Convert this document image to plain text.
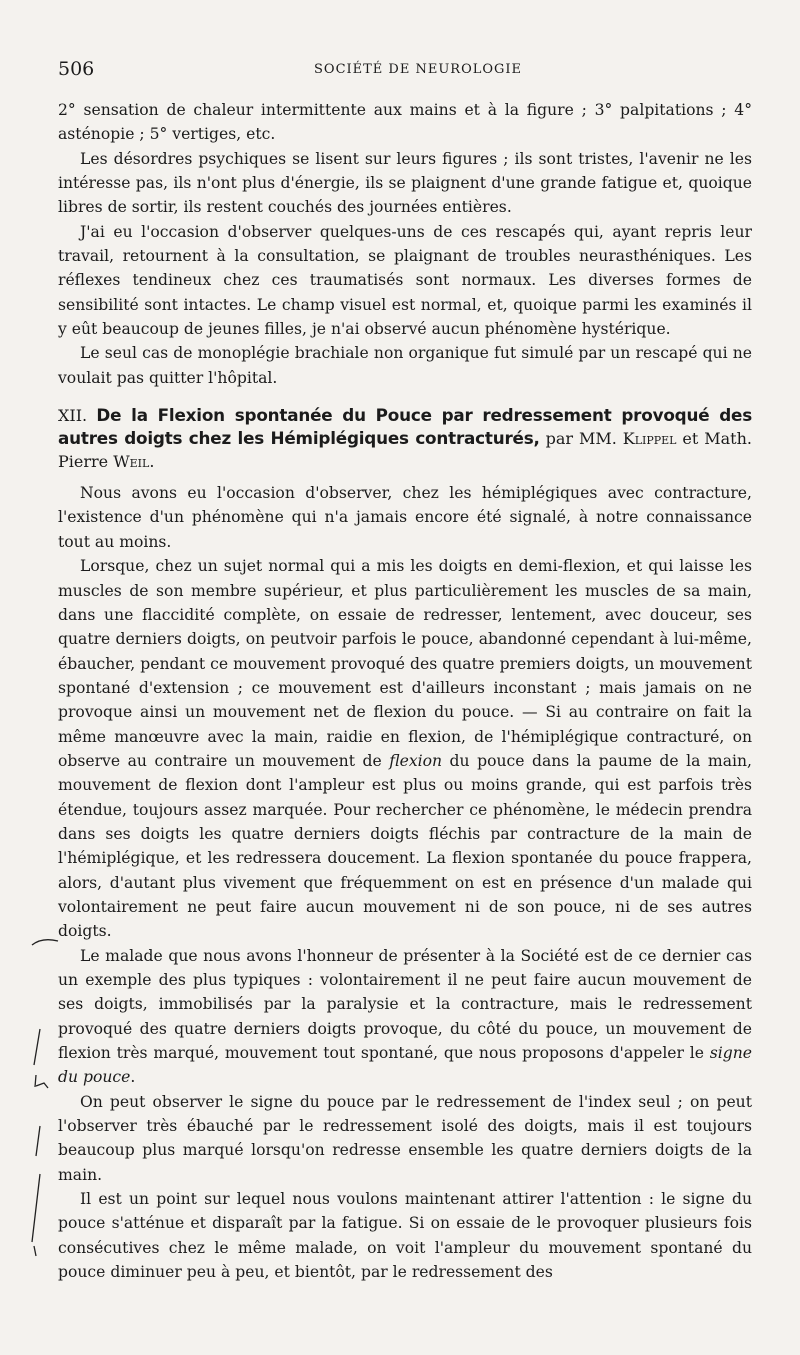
506	SOCIÉTÉ DE NEUROLOGIE

2° sensation de chaleur intermittente aux mains et à la figure ; 3° palpitations ; 4° asténopie ; 5° vertiges, etc.

Les désordres psychiques se lisent sur leurs figures ; ils sont tristes, l'avenir ne les intéresse pas, ils n'ont plus d'énergie, ils se plaignent d'une grande fatigue et, quoique libres de sortir, ils restent couchés des journées entières.

J'ai eu l'occasion d'observer quelques-uns de ces rescapés qui, ayant repris leur travail, retournent à la consultation, se plaignant de troubles neurasthéniques. Les réflexes tendineux chez ces traumatisés sont normaux. Les diverses formes de sensibilité sont intactes. Le champ visuel est normal, et, quoique parmi les examinés il y eût beaucoup de jeunes filles, je n'ai observé aucun phénomène hystérique.

Le seul cas de monoplégie brachiale non organique fut simulé par un rescapé qui ne voulait pas quitter l'hôpital.

XII. De la Flexion spontanée du Pouce par redressement provoqué des autres doigts chez les Hémiplégiques contracturés, par MM. Klippel et Math. Pierre Weil.

Nous avons eu l'occasion d'observer, chez les hémiplégiques avec contracture, l'existence d'un phénomène qui n'a jamais encore été signalé, à notre connaissance tout au moins.

Lorsque, chez un sujet normal qui a mis les doigts en demi-flexion, et qui laisse les muscles de son membre supérieur, et plus particulièrement les muscles de sa main, dans une flaccidité complète, on essaie de redresser, lentement, avec douceur, ses quatre derniers doigts, on peutvoir parfois le pouce, abandonné cependant à lui-même, ébaucher, pendant ce mouvement provoqué des quatre premiers doigts, un mouvement spontané d'extension ; ce mouvement est d'ailleurs inconstant ; mais jamais on ne provoque ainsi un mouvement net de flexion du pouce. — Si au contraire on fait la même manœuvre avec la main, raidie en flexion, de l'hémiplégique contracturé, on observe au contraire un mouvement de flexion du pouce dans la paume de la main, mouvement de flexion dont l'ampleur est plus ou moins grande, qui est parfois très étendue, toujours assez marquée. Pour rechercher ce phénomène, le médecin prendra dans ses doigts les quatre derniers doigts fléchis par contracture de la main de l'hémiplégique, et les redressera doucement. La flexion spontanée du pouce frappera, alors, d'autant plus vivement que fréquemment on est en présence d'un malade qui volontairement ne peut faire aucun mouvement ni de son pouce, ni de ses autres doigts.

Le malade que nous avons l'honneur de présenter à la Société est de ce dernier cas un exemple des plus typiques : volontairement il ne peut faire aucun mouvement de ses doigts, immobilisés par la paralysie et la contracture, mais le redressement provoqué des quatre derniers doigts provoque, du côté du pouce, un mouvement de flexion très marqué, mouvement tout spontané, que nous proposons d'appeler le signe du pouce.

On peut observer le signe du pouce par le redressement de l'index seul ; on peut l'observer très ébauché par le redressement isolé des doigts, mais il est toujours beaucoup plus marqué lorsqu'on redresse ensemble les quatre derniers doigts de la main.

Il est un point sur lequel nous voulons maintenant attirer l'attention : le signe du pouce s'atténue et disparaît par la fatigue. Si on essaie de le provoquer plusieurs fois consécutives chez le même malade, on voit l'ampleur du mouvement spontané du pouce diminuer peu à peu, et bientôt, par le redressement des
